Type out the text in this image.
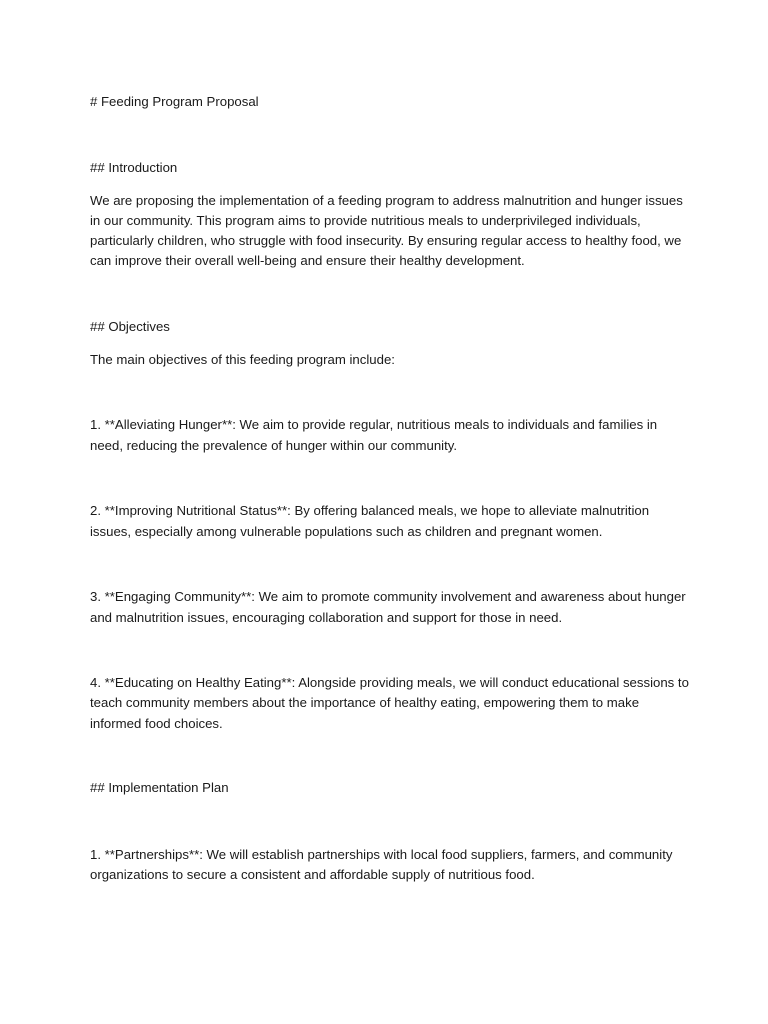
# Feeding Program Proposal

## Introduction

We are proposing the implementation of a feeding program to address malnutrition and hunger issues

in our community. This program aims to provide nutritious meals to underprivileged individuals,

particularly children, who struggle with food insecurity. By ensuring regular access to healthy food, we

can improve their overall well-being and ensure their healthy development.

## Objectives

The main objectives of this feeding program include:

1. **Alleviating Hunger**: We aim to provide regular, nutritious meals to individuals and families in

need, reducing the prevalence of hunger within our community.

2. **Improving Nutritional Status**: By offering balanced meals, we hope to alleviate malnutrition

issues, especially among vulnerable populations such as children and pregnant women.

3. **Engaging Community**: We aim to promote community involvement and awareness about hunger

and malnutrition issues, encouraging collaboration and support for those in need.

4. **Educating on Healthy Eating**: Alongside providing meals, we will conduct educational sessions to

teach community members about the importance of healthy eating, empowering them to make

informed food choices.

## Implementation Plan

1. **Partnerships**: We will establish partnerships with local food suppliers, farmers, and community

organizations to secure a consistent and affordable supply of nutritious food.
